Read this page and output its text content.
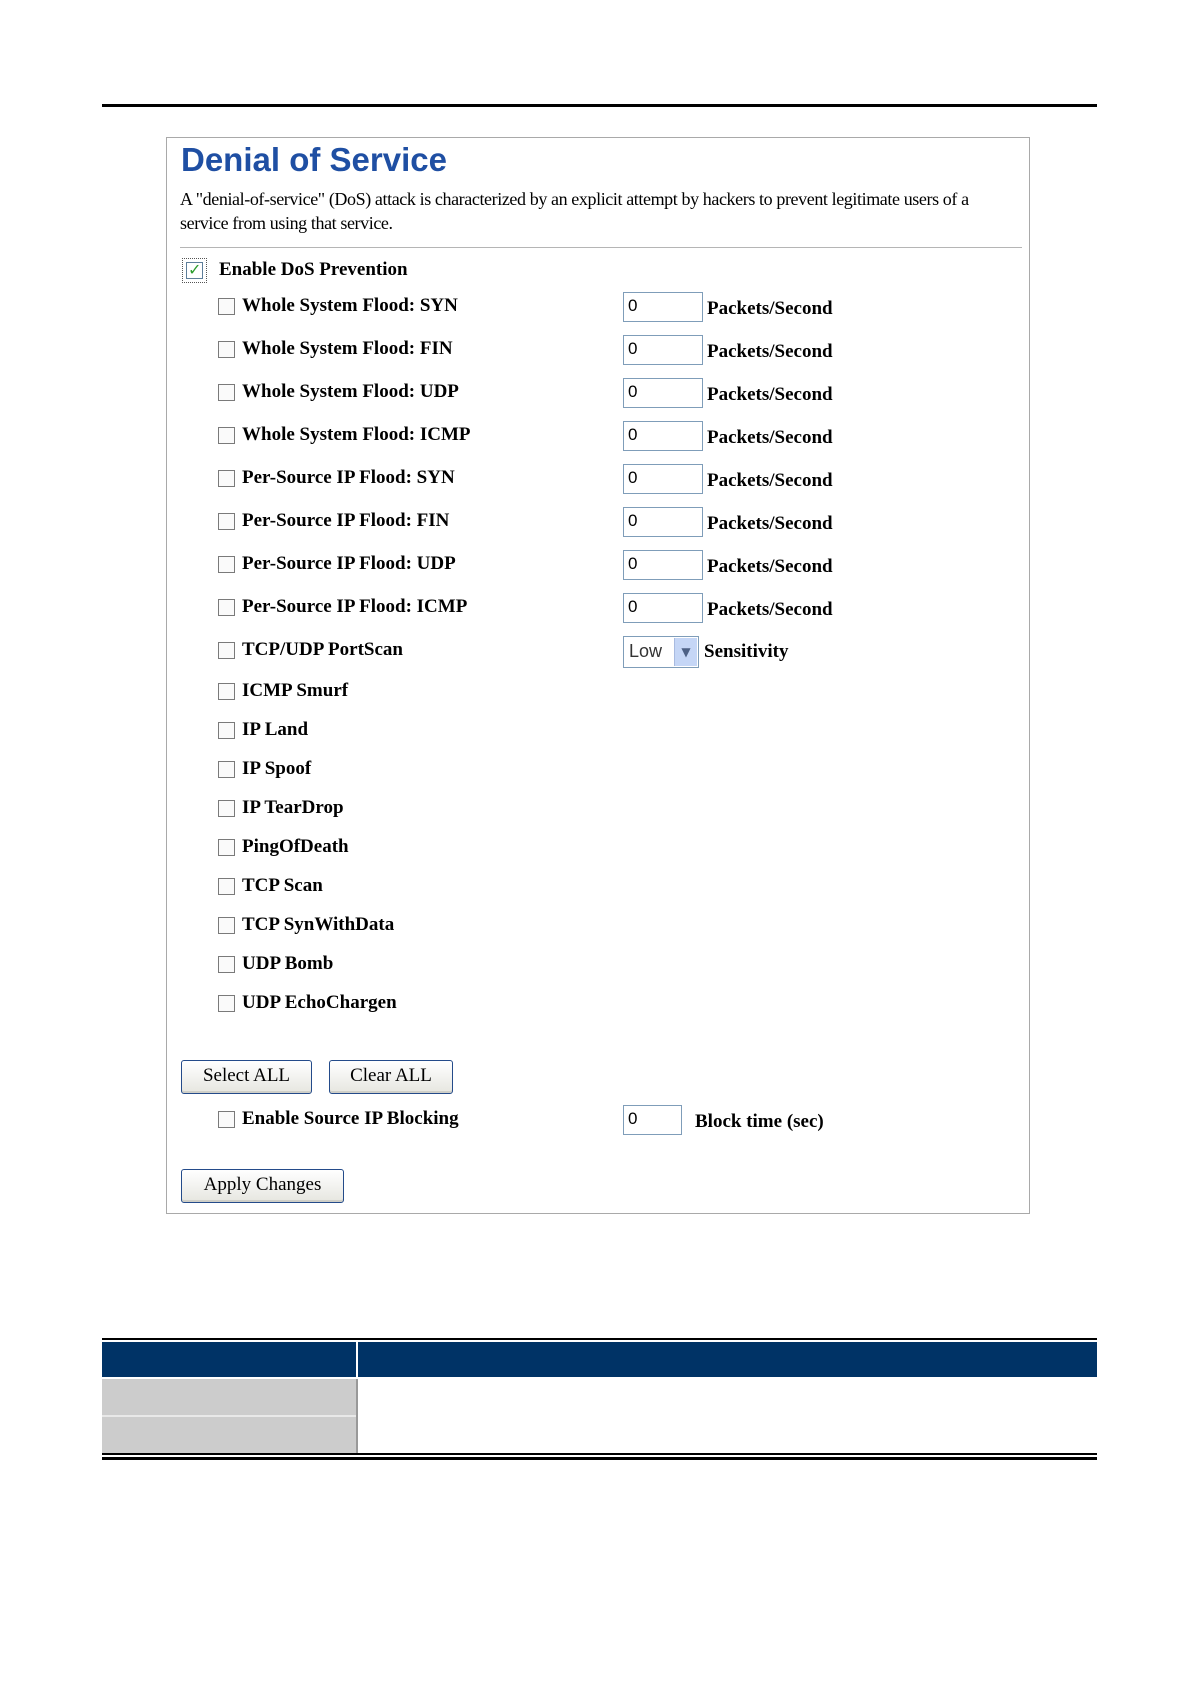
Denial of Service
A "denial-of-service" (DoS) attack is characterized by an explicit attempt by hackers to prevent legitimate users of a service from using that service.
✓
Enable DoS Prevention
Whole System Flood: SYN	0	Packets/Second
Whole System Flood: FIN	0	Packets/Second
Whole System Flood: UDP	0	Packets/Second
Whole System Flood: ICMP	0	Packets/Second
Per-Source IP Flood: SYN	0	Packets/Second
Per-Source IP Flood: FIN	0	Packets/Second
Per-Source IP Flood: UDP	0	Packets/Second
Per-Source IP Flood: ICMP	0	Packets/Second
TCP/UDP PortScan	Low	▼ Sensitivity
ICMP Smurf
IP Land
IP Spoof
IP TearDrop
PingOfDeath
TCP Scan
TCP SynWithData
UDP Bomb
UDP EchoChargen
Select ALL	Clear ALL
Enable Source IP Blocking	0	Block time (sec)
Apply Changes
